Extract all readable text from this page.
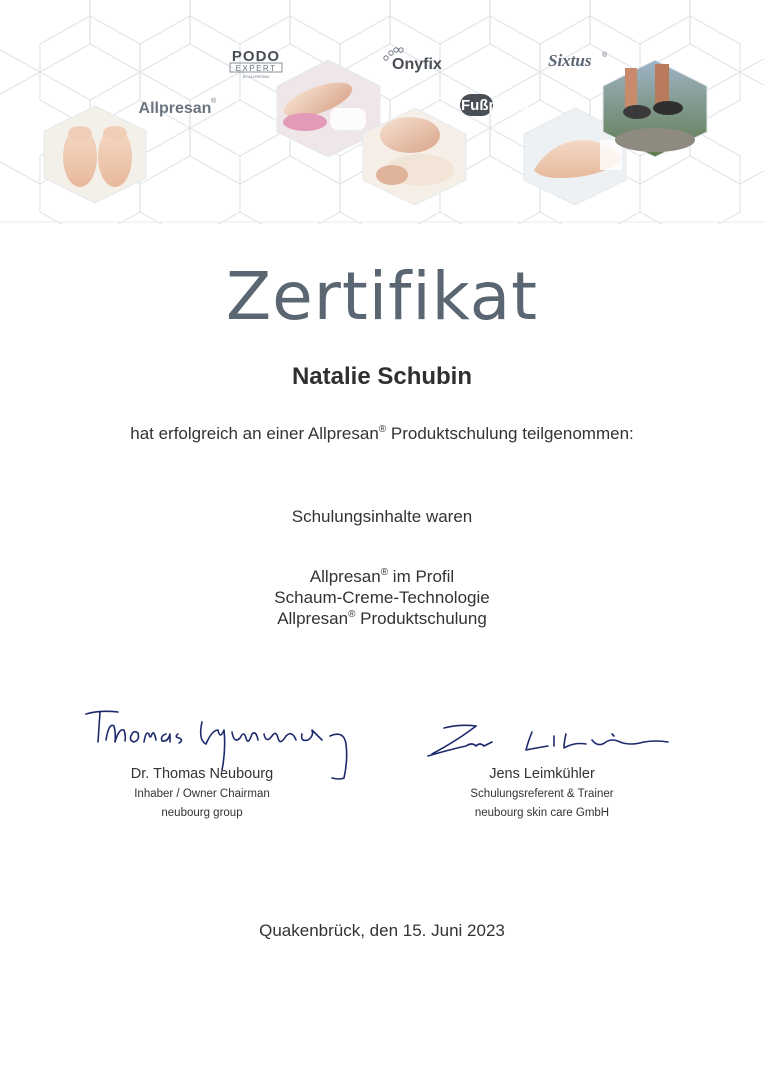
Allpresan ®
PODO
EXPERT
BY ALLPRESAN
Onyfix	Sixtus ®
Fußpunkt
Zertifikat
Natalie Schubin
hat erfolgreich an einer Allpresan® Produktschulung teilgenommen:
Schulungsinhalte waren
Allpresan® im Profil
Schaum-Creme-Technologie
Allpresan® Produktschulung
Dr. Thomas Neubourg
Inhaber / Owner Chairman
neubourg group
Jens Leimkühler
Schulungsreferent & Trainer
neubourg skin care GmbH
Quakenbrück, den 15. Juni 2023
